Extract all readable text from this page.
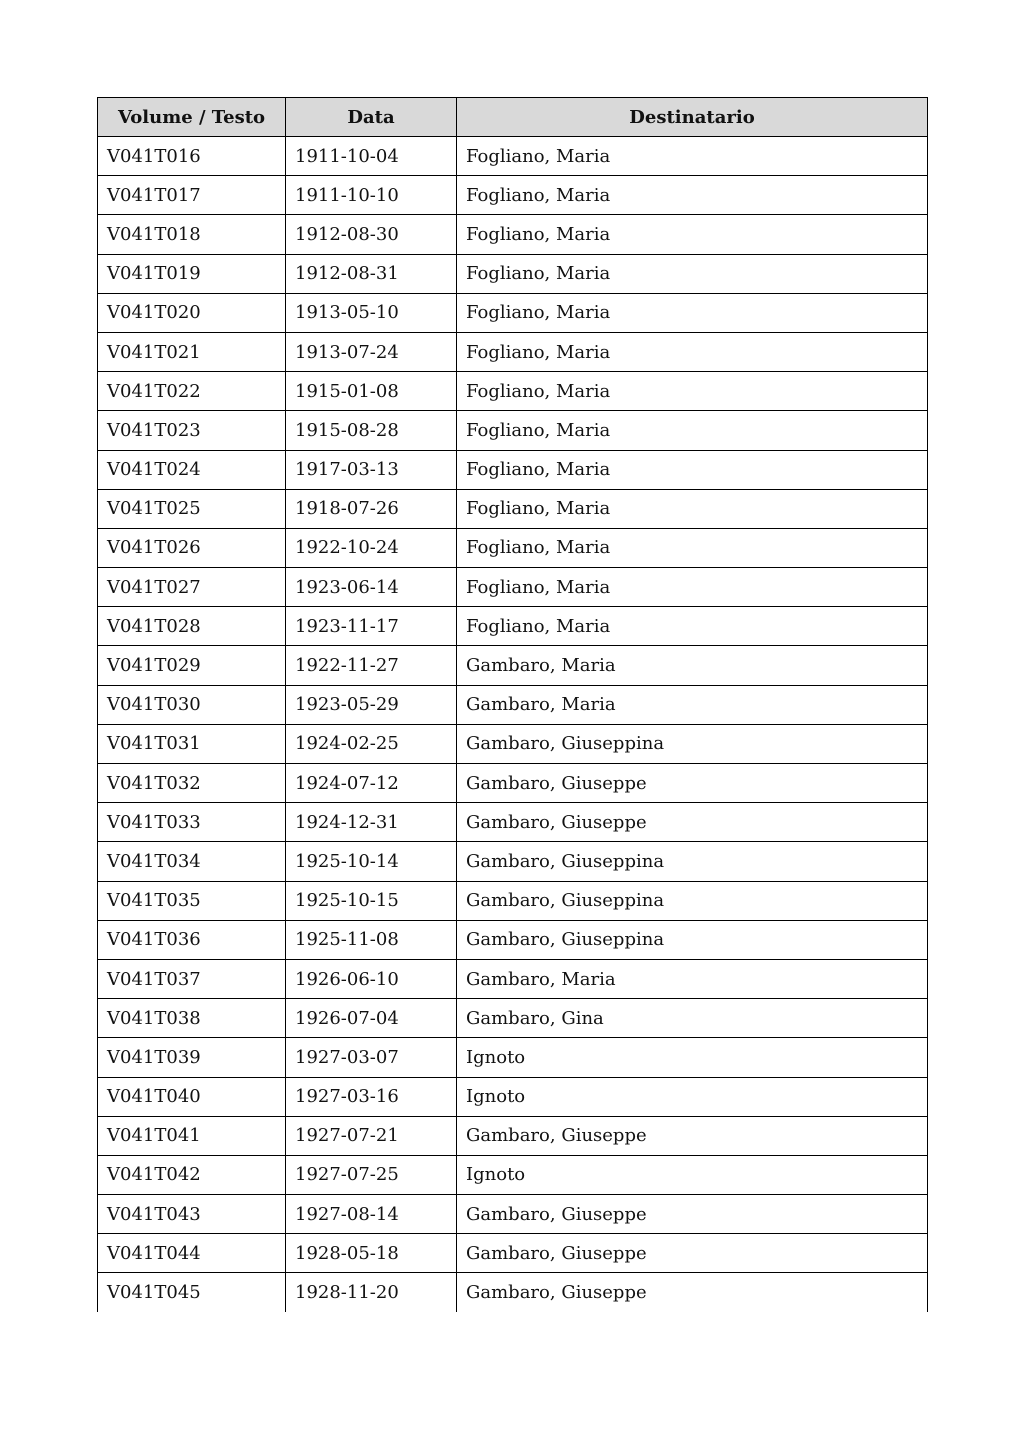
Volume / Testo	Data	Destinatario
V041T016	1911-10-04	Fogliano, Maria
V041T017	1911-10-10	Fogliano, Maria
V041T018	1912-08-30	Fogliano, Maria
V041T019	1912-08-31	Fogliano, Maria
V041T020	1913-05-10	Fogliano, Maria
V041T021	1913-07-24	Fogliano, Maria
V041T022	1915-01-08	Fogliano, Maria
V041T023	1915-08-28	Fogliano, Maria
V041T024	1917-03-13	Fogliano, Maria
V041T025	1918-07-26	Fogliano, Maria
V041T026	1922-10-24	Fogliano, Maria
V041T027	1923-06-14	Fogliano, Maria
V041T028	1923-11-17	Fogliano, Maria
V041T029	1922-11-27	Gambaro, Maria
V041T030	1923-05-29	Gambaro, Maria
V041T031	1924-02-25	Gambaro, Giuseppina
V041T032	1924-07-12	Gambaro, Giuseppe
V041T033	1924-12-31	Gambaro, Giuseppe
V041T034	1925-10-14	Gambaro, Giuseppina
V041T035	1925-10-15	Gambaro, Giuseppina
V041T036	1925-11-08	Gambaro, Giuseppina
V041T037	1926-06-10	Gambaro, Maria
V041T038	1926-07-04	Gambaro, Gina
V041T039	1927-03-07	Ignoto
V041T040	1927-03-16	Ignoto
V041T041	1927-07-21	Gambaro, Giuseppe
V041T042	1927-07-25	Ignoto
V041T043	1927-08-14	Gambaro, Giuseppe
V041T044	1928-05-18	Gambaro, Giuseppe
V041T045	1928-11-20	Gambaro, Giuseppe
